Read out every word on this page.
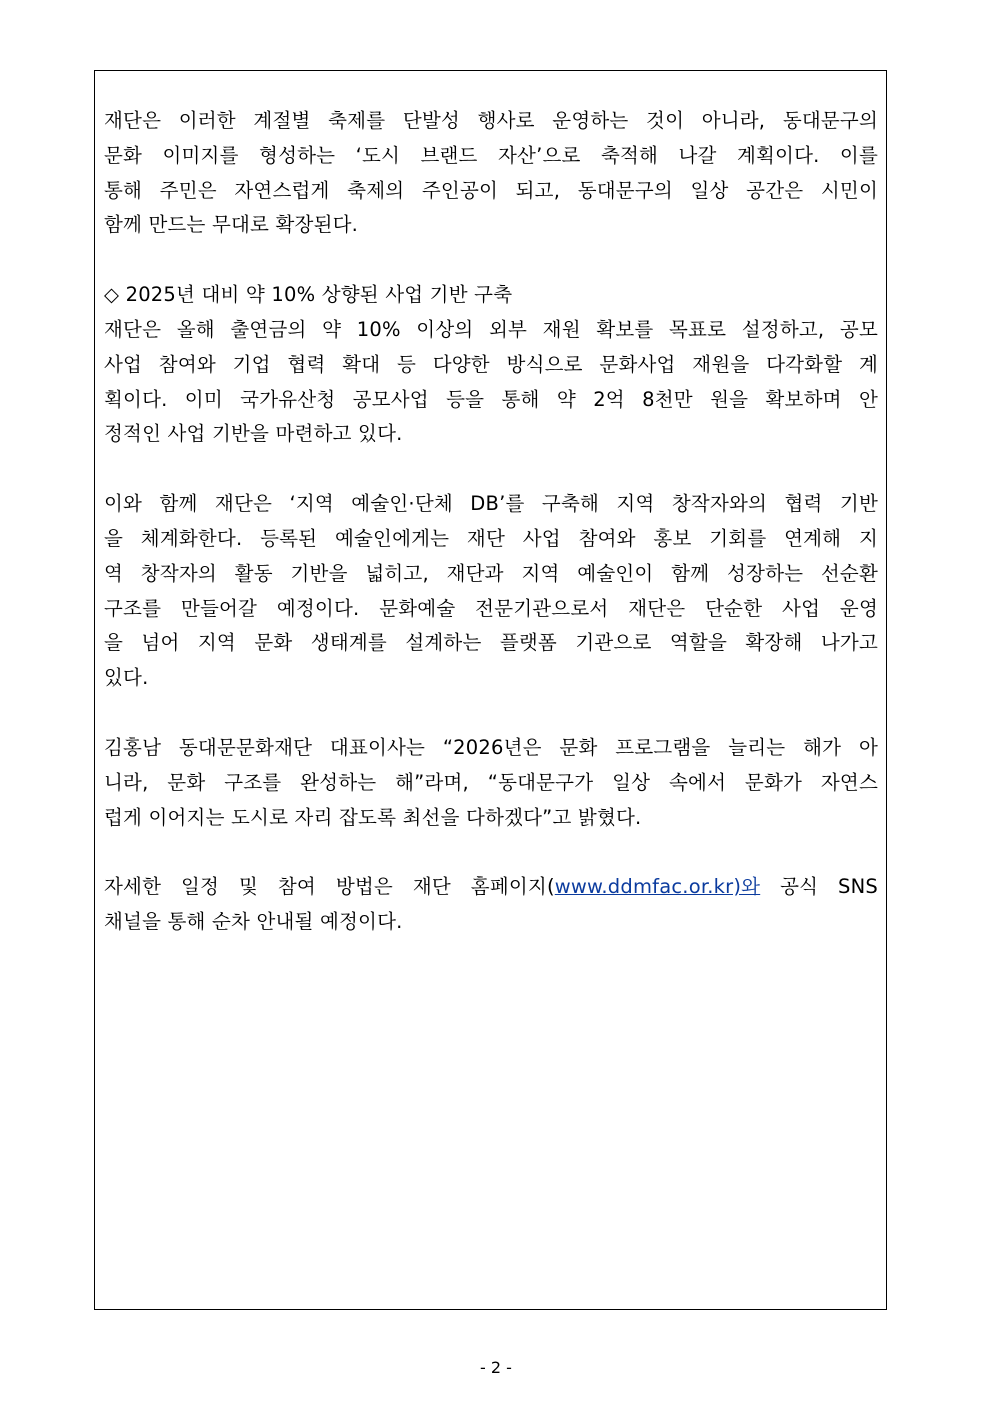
재단은 이러한 계절별 축제를 단발성 행사로 운영하는 것이 아니라, 동대문구의
문화 이미지를 형성하는 ‘도시 브랜드 자산’으로 축적해 나갈 계획이다. 이를
통해 주민은 자연스럽게 축제의 주인공이 되고, 동대문구의 일상 공간은 시민이
함께 만드는 무대로 확장된다.

◇ 2025년 대비 약 10% 상향된 사업 기반 구축
재단은 올해 출연금의 약 10% 이상의 외부 재원 확보를 목표로 설정하고, 공모
사업 참여와 기업 협력 확대 등 다양한 방식으로 문화사업 재원을 다각화할 계
획이다. 이미 국가유산청 공모사업 등을 통해 약 2억 8천만 원을 확보하며 안
정적인 사업 기반을 마련하고 있다.

이와 함께 재단은 ‘지역 예술인·단체 DB’를 구축해 지역 창작자와의 협력 기반
을 체계화한다. 등록된 예술인에게는 재단 사업 참여와 홍보 기회를 연계해 지
역 창작자의 활동 기반을 넓히고, 재단과 지역 예술인이 함께 성장하는 선순환
구조를 만들어갈 예정이다. 문화예술 전문기관으로서 재단은 단순한 사업 운영
을 넘어 지역 문화 생태계를 설계하는 플랫폼 기관으로 역할을 확장해 나가고
있다.

김홍남 동대문문화재단 대표이사는 “2026년은 문화 프로그램을 늘리는 해가 아
니라, 문화 구조를 완성하는 해”라며, “동대문구가 일상 속에서 문화가 자연스
럽게 이어지는 도시로 자리 잡도록 최선을 다하겠다”고 밝혔다.

자세한 일정 및 참여 방법은 재단 홈페이지(www.ddmfac.or.kr)와 공식 SNS
채널을 통해 순차 안내될 예정이다.

- 2 -
